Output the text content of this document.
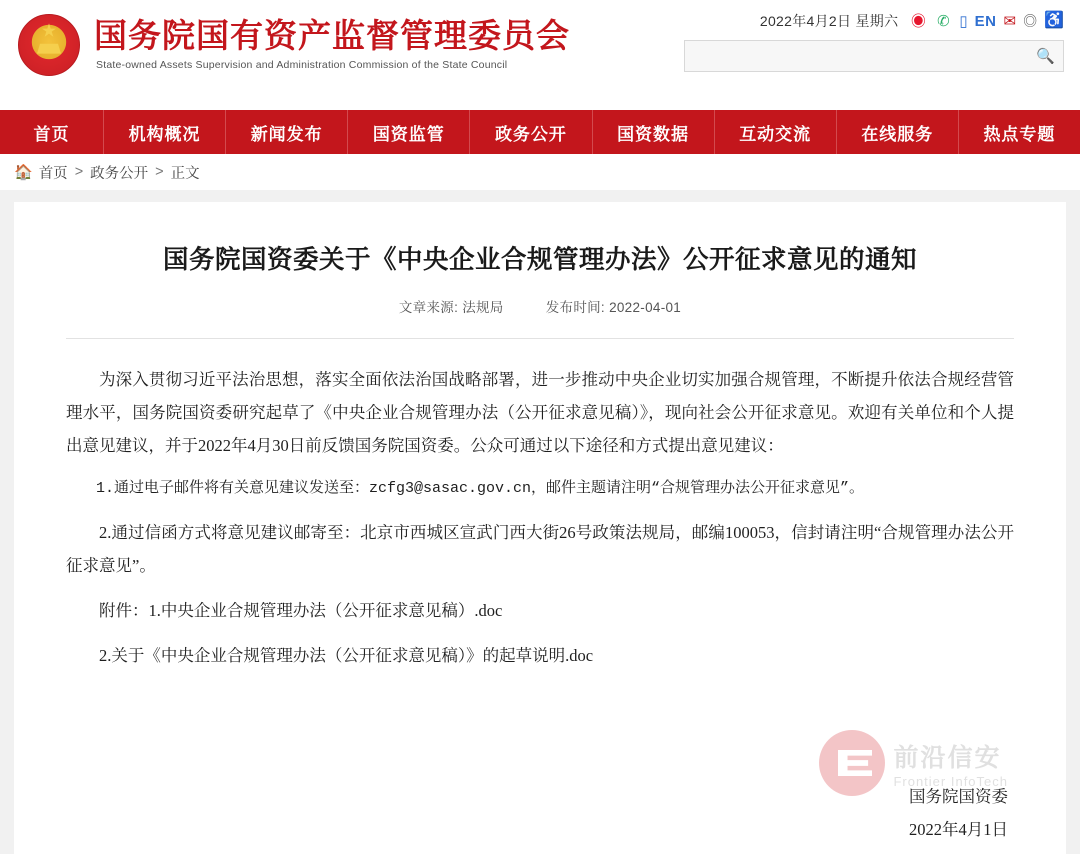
★
国务院国有资产监督管理委员会
State-owned Assets Supervision and Administration Commission of the State Council
2022年4月2日 星期六 ◉ ✆ ▯ EN ✉ ◎ ♿
🔍
首页	机构概况	新闻发布	国资监管	政务公开	国资数据	互动交流	在线服务	热点专题
🏠 首页 > 政务公开 > 正文
国务院国资委关于《中央企业合规管理办法》公开征求意见的通知
文章来源: 法规局	发布时间: 2022-04-01

为深入贯彻习近平法治思想，落实全面依法治国战略部署，进一步推动中央企业切实加强合规管理，不断提升依法合规经营管理水平，国务院国资委研究起草了《中央企业合规管理办法（公开征求意见稿）》，现向社会公开征求意见。欢迎有关单位和个人提出意见建议，并于2022年4月30日前反馈国务院国资委。公众可通过以下途径和方式提出意见建议：

1.通过电子邮件将有关意见建议发送至：zcfg3@sasac.gov.cn，邮件主题请注明“合规管理办法公开征求意见”。

2.通过信函方式将意见建议邮寄至：北京市西城区宣武门西大街26号政策法规局，邮编100053，信封请注明“合规管理办法公开征求意见”。

附件：1.中央企业合规管理办法（公开征求意见稿）.doc

2.关于《中央企业合规管理办法（公开征求意见稿）》的起草说明.doc

前沿信安
Frontier InfoTech
国务院国资委
2022年4月1日
